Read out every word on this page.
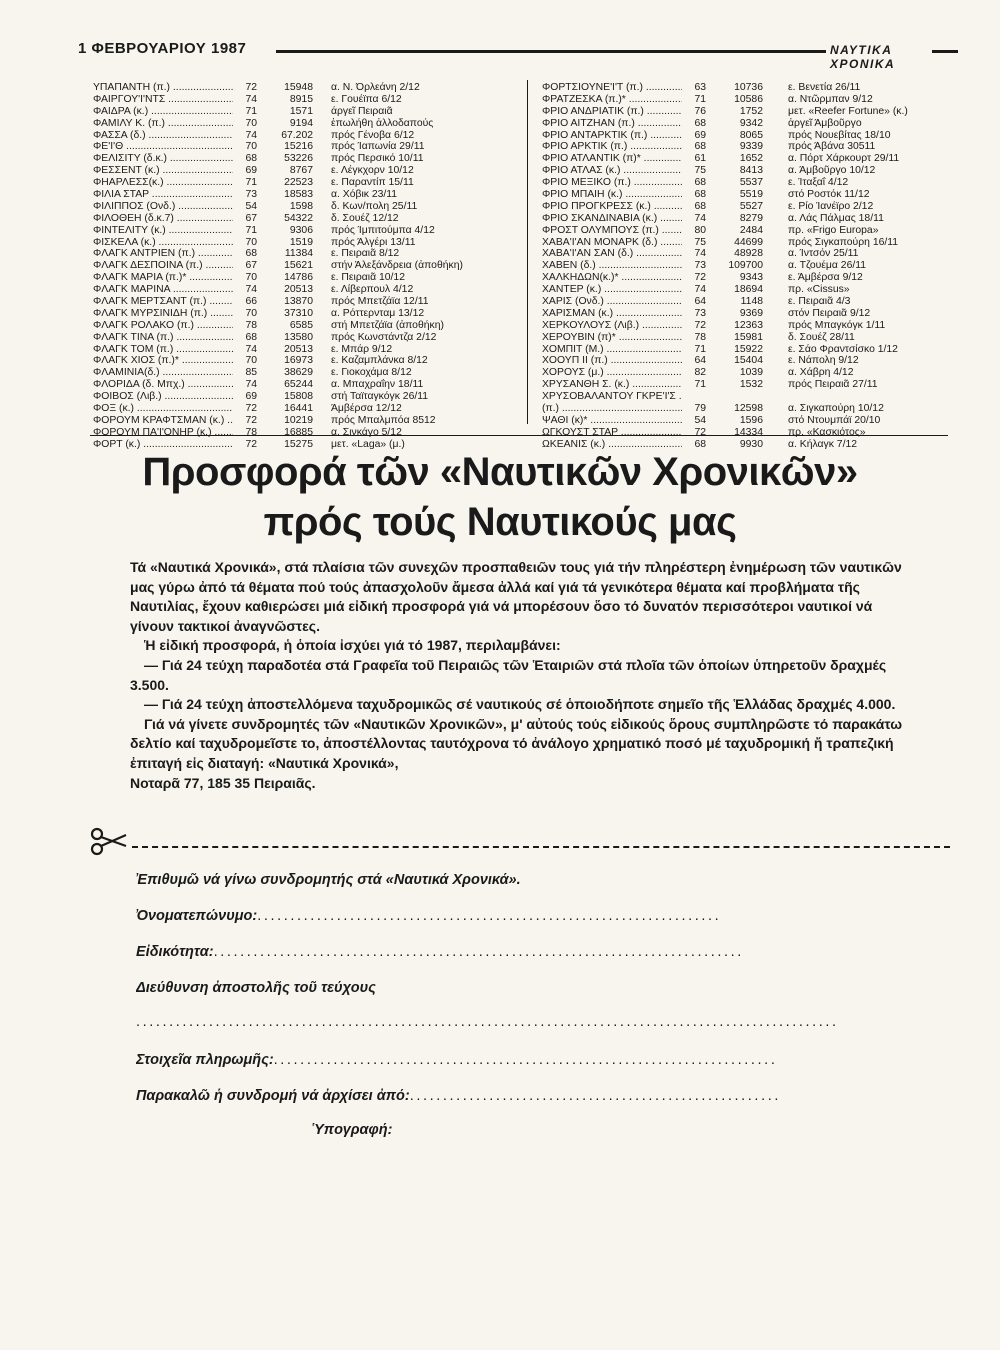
1 ΦΕΒΡΟΥΑΡΙΟΥ 1987	ΝΑΥΤΙΚΑ ΧΡΟΝΙΚΑ
ΥΠΑΠΑΝΤΗ (π.) .....	72	15948 α. Ν. Όρλεάνη 2/12
ΦΑΙΡΓΟΥ'Ι'ΝΤΣ .....	74	8915 ε. Γουέϊπα 6/12
ΦΑΙΔΡΑ (κ.) .....	71	1571 άργεῖ Πειραιᾶ
ΦΑΜΙΛΥ Κ. (π.) .....	70	9194 ἐπωλήθη ἀλλοδαπούς
ΦΑΣΣΑ (δ.) .....	74	67.202 πρός Γένοβα 6/12
ΦΕ'Ι'Θ .....	70	15216 πρός Ίαπωνία 29/11
ΦΕΛΙΣΙΤΥ (δ.κ.) .....	68	53226 πρός Περσικό 10/11
ΦΕΣΣΕΝΤ (κ.) .....	69	8767 ε. Λέγκχορν 10/12
ΦΗΑΡΛΕΣΣ(κ.) .....	71	22523 ε. Παραντίπ 15/11
ΦΙΛΙΑ ΣΤΑΡ .....	73	18583 α. Χόβικ 23/11
ΦΙΛΙΠΠΟΣ (Ονδ.) .....	54	1598 δ. Κων/πολη 25/11
ΦΙΛΟΘΕΗ (δ.κ.7) .....	67	54322 δ. Σουέζ 12/12
ΦΙΝΤΕΛΙΤΥ (κ.) .....	71	9306 πρός Ίμπιτούμπα 4/12
ΦΙΣΚΕΛΑ (κ.) .....	70	1519 πρός Άλγέρι 13/11
ΦΛΑΓΚ ΑΝΤΡΙΕΝ (π.) .....	68	11384 ε. Πειραιᾶ 8/12
ΦΛΑΓΚ ΔΕΣΠΟΙΝΑ (π.) .....	67	15621 στήν Άλεξάνδρεια (ἀποθήκη)
ΦΛΑΓΚ ΜΑΡΙΑ (π.)* .....	70	14786 ε. Πειραιᾶ 10/12
ΦΛΑΓΚ ΜΑΡΙΝΑ .....	74	20513 ε. Λίβερπουλ 4/12
ΦΛΑΓΚ ΜΕΡΤΣΑΝΤ (π.) .....	66	13870 πρός Μπετζάϊα 12/11
ΦΛΑΓΚ ΜΥΡΣΙΝΙΔΗ (π.) .....	70	37310 α. Ρόττερνταμ 13/12
ΦΛΑΓΚ ΡΟΛΑΚΟ (π.) .....	78	6585 στή Μπετζάϊα (ἀποθήκη)
ΦΛΑΓΚ ΤΙΝΑ (π.) .....	68	13580 πρός Κωνστάντζα 2/12
ΦΛΑΓΚ ΤΟΜ (π.) .....	74	20513 ε. Μπάρ 9/12
ΦΛΑΓΚ ΧΙΟΣ (π.)* .....	70	16973 ε. Καζαμπλάνκα 8/12
ΦΛΑΜΙΝΙΑ(δ.) .....	85	38629 ε. Γιοκοχάμα 8/12
ΦΛΟΡΙΔΑ (δ. Μπχ.) .....	74	65244 α. Μπαχραΐην 18/11
ΦΟΙΒΟΣ (Λιβ.) .....	69	15808 στή Ταϊταγκόγκ 26/11
ΦΟΞ (κ.) .....	72	16441 Άμβέρσα 12/12
ΦΟΡΟΥΜ ΚΡΑΦΤΣΜΑΝ (κ.) .....	72	10219 πρός Μπαλμπόα 8512
ΦΟΡΟΥΜ ΠΑ'Ι'ΟΝΗΡ (κ.) .....	78	16885 α. Σινκάγο 5/12
ΦΟΡΤ (κ.) .....	72	15275 μετ. «Laga» (μ.)
ΦΟΡΤΣΙΟΥΝΕ'Ι'Τ (π.) .....	63	10736 ε. Βενετία 26/11
ΦΡΑΤΖΕΣΚΑ (π.)* .....	71	10586 α. Ντῶρμπαν 9/12
ΦΡΙΟ ΑΝΔΡΙΑΤΙΚ (π.) .....	76	1752 μετ. «Reefer Fortune» (κ.)
ΦΡΙΟ ΑΙΤΖΗΑΝ (π.) .....	68	9342 ἀργεῖ Άμβοῦργο
ΦΡΙΟ ΑΝΤΑΡΚΤΙΚ (π.) .....	69	8065 πρός Νουεβίτας 18/10
ΦΡΙΟ ΑΡΚΤΙΚ (π.) .....	68	9339 πρός Άβάνα 30511
ΦΡΙΟ ΑΤΛΑΝΤΙΚ (π)* .....	61	1652 α. Πόρτ Χάρκουρτ 29/11
ΦΡΙΟ ΑΤΛΑΣ (κ.) .....	75	8413 α. Άμβοῦργο 10/12
ΦΡΙΟ ΜΕΞΙΚΟ (π.) .....	68	5537 ε. Ίταξαΐ 4/12
ΦΡΙΟ ΜΠΑΙΗ (κ.) .....	68	5519 στό Ροστόκ 11/12
ΦΡΙΟ ΠΡΟΓΚΡΕΣΣ (κ.) .....	68	5527 ε. Ρίο Ίανέϊρο 2/12
ΦΡΙΟ ΣΚΑΝΔΙΝΑΒΙΑ (κ.) .....	74	8279 α. Λάς Πάλμας 18/11
ΦΡΟΣΤ ΟΛΥΜΠΟΥΣ (π.) .....	80	2484 πρ. «Frigo Europa»
ΧΑΒΑ'Ι'ΑΝ ΜΟΝΑΡΚ (δ.) .....	75	44699 πρός Σιγκαπούρη 16/11
ΧΑΒΑ'Ι'ΑΝ ΣΑΝ (δ.) .....	74	48928 α. Ίντσόν 25/11
ΧΑΒΕΝ (δ.) .....	73	109700 α. Τζουέμα 26/11
ΧΑΛΚΗΔΩΝ(κ.)* .....	72	9343 ε. Άμβέρσα 9/12
ΧΑΝΤΕΡ (κ.) .....	74	18694 πρ. «Cissus»
ΧΑΡΙΣ (Ονδ.) .....	64	1148 ε. Πειραιᾶ 4/3
ΧΑΡΙΣΜΑΝ (κ.) .....	73	9369 στόν Πειραιᾶ 9/12
ΧΕΡΚΟΥΛΟΥΣ (Λιβ.) .....	72	12363 πρός Μπαγκόγκ 1/11
ΧΕΡΟΥΒΙΝ (π)* .....	78	15981 δ. Σουέζ 28/11
ΧΟΜΠΙΤ (Μ.) .....	71	15922 ε. Σάο Φραντσίσκο 1/12
ΧΟΟΥΠ ΙΙ (π.) .....	64	15404 ε. Νάπολη 9/12
ΧΟΡΟΥΣ (μ.) .....	82	1039 α. Χάβρη 4/12
ΧΡΥΣΑΝΘΗ Σ. (κ.) .....	71	1532 πρός Πειραιᾶ 27/11
ΧΡΥΣΟΒΑΛΑΝΤΟΥ ΓΚΡΕ'Ι'Σ .....
(π.) .....	79	12598 α. Σιγκαπούρη 10/12
ΨΑΘΙ (κ)* .....	54	1596 στό Ντουμπάϊ 20/10
ΩΓΚΟΥΣΤ ΣΤΑΡ .....	72	14334 πρ. «Κασκιότος»
ΩΚΕΑΝΙΣ (κ.) .....	68	9930 α. Κήλαγκ 7/12
Προσφορά τῶν «Ναυτικῶν Χρονικῶν»
πρός τούς Ναυτικούς μας

Τά «Ναυτικά Χρονικά», στά πλαίσια τῶν συνεχῶν προσπαθειῶν τους γιά τήν πληρέστερη ἐνημέρωση τῶν ναυτικῶν μας γύρω ἀπό τά θέματα πού τούς ἀπασχολοῦν ἄμεσα ἀλλά καί γιά τά γενικότερα θέματα καί προβλήματα τῆς Ναυτιλίας, ἔχουν καθιερώσει μιά εἰδική προσφορά γιά νά μπορέσουν ὅσο τό δυνατόν περισσότεροι ναυτικοί νά γίνουν τακτικοί ἀναγνῶστες.

Ἡ εἰδική προσφορά, ἡ ὁποία ἰσχύει γιά τό 1987, περιλαμβάνει:

— Γιά 24 τεύχη παραδοτέα στά Γραφεῖα τοῦ Πειραιῶς τῶν Ἑταιριῶν στά πλοῖα τῶν ὁποίων ὑπηρετοῦν δραχμές 3.500.

— Γιά 24 τεύχη ἀποστελλόμενα ταχυδρομικῶς σέ ναυτικούς σέ ὁποιοδήποτε σημεῖο τῆς Ἑλλάδας δραχμές 4.000.

Γιά νά γίνετε συνδρομητές τῶν «Ναυτικῶν Χρονικῶν», μ' αὐτούς τούς εἰδικούς ὅρους συμπληρῶστε τό παρακάτω δελτίο καί ταχυδρομεῖστε το, ἀποστέλλοντας ταυτόχρονα τό ἀνάλογο χρηματικό ποσό μέ ταχυδρομική ἤ τραπεζική ἐπιταγή εἰς διαταγή: «Ναυτικά Χρονικά»,

Νοταρᾶ 77, 185 35 Πειραιᾶς.

Ἐπιθυμῶ νά γίνω συνδρομητής στά «Ναυτικά Χρονικά».
Ὀνοματεπώνυμο:......................................................................
Εἰδικότητα:................................................................................
Διεύθυνση ἀποστολῆς τοῦ τεύχους
..........................................................................................................
Στοιχεῖα πληρωμῆς:............................................................................
Παρακαλῶ ἡ συνδρομή νά ἀρχίσει ἀπό:........................................................
Ὑπογραφή:
